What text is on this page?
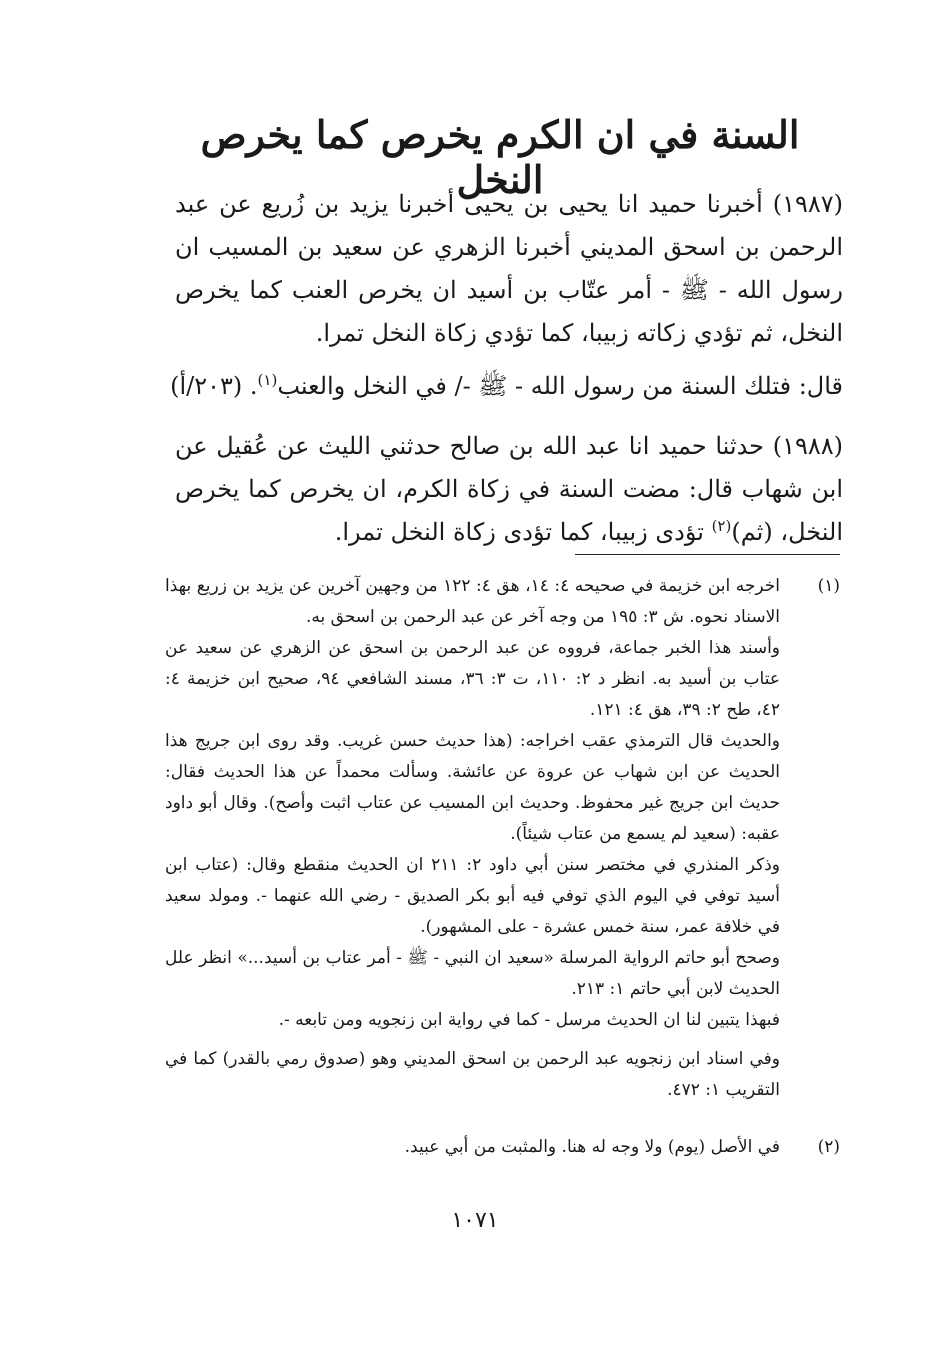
السنة في ان الكرم يخرص كما يخرص النخل
(١٩٨٧) أخبرنا حميد انا يحيى بن يحيى أخبرنا يزيد بن زُريع عن عبد الرحمن بن اسحق المديني أخبرنا الزهري عن سعيد بن المسيب ان رسول الله - ﷺ - أمر عتّاب بن أسيد ان يخرص العنب كما يخرص النخل، ثم تؤدي زكاته زبيبا، كما تؤدي زكاة النخل تمرا.
قال: فتلك السنة من رسول الله - ﷺ -/ في النخل والعنب$^{(١)}$. (٢٠٣/أ)
(١٩٨٨) حدثنا حميد انا عبد الله بن صالح حدثني الليث عن عُقيل عن ابن شهاب قال: مضت السنة في زكاة الكرم، ان يخرص كما يخرص النخل، (ثم)$^{(٢)}$ تؤدى زبيبا، كما تؤدى زكاة النخل تمرا.
(١)

اخرجه ابن خزيمة في صحيحه ٤: ١٤، هق ٤: ١٢٢ من وجهين آخرين عن يزيد بن زريع بهذا الاسناد نحوه. ش ٣: ١٩٥ من وجه آخر عن عبد الرحمن بن اسحق به.

وأسند هذا الخبر جماعة، فرووه عن عبد الرحمن بن اسحق عن الزهري عن سعيد عن عتاب بن أسيد به. انظر د ٢: ١١٠، ت ٣: ٣٦، مسند الشافعي ٩٤، صحيح ابن خزيمة ٤: ٤٢، طح ٢: ٣٩، هق ٤: ١٢١.

والحديث قال الترمذي عقب اخراجه: (هذا حديث حسن غريب. وقد روى ابن جريج هذا الحديث عن ابن شهاب عن عروة عن عائشة. وسألت محمداً عن هذا الحديث فقال: حديث ابن جريج غير محفوظ. وحديث ابن المسيب عن عتاب اثبت وأصح). وقال أبو داود عقبه: (سعيد لم يسمع من عتاب شيئاً).

وذكر المنذري في مختصر سنن أبي داود ٢: ٢١١ ان الحديث منقطع وقال: (عتاب ابن أسيد توفي في اليوم الذي توفي فيه أبو بكر الصديق - رضي الله عنهما -. ومولد سعيد في خلافة عمر، سنة خمس عشرة - على المشهور).

وصحح أبو حاتم الرواية المرسلة «سعيد ان النبي - ﷺ - أمر عتاب بن أسيد...» انظر علل الحديث لابن أبي حاتم ١: ٢١٣.

فبهذا يتبين لنا ان الحديث مرسل - كما في رواية ابن زنجويه ومن تابعه -.

وفي اسناد ابن زنجويه عبد الرحمن بن اسحق المديني وهو (صدوق رمي بالقدر) كما في التقريب ١: ٤٧٢.

(٢)
في الأصل (يوم) ولا وجه له هنا. والمثبت من أبي عبيد.
١٠٧١
